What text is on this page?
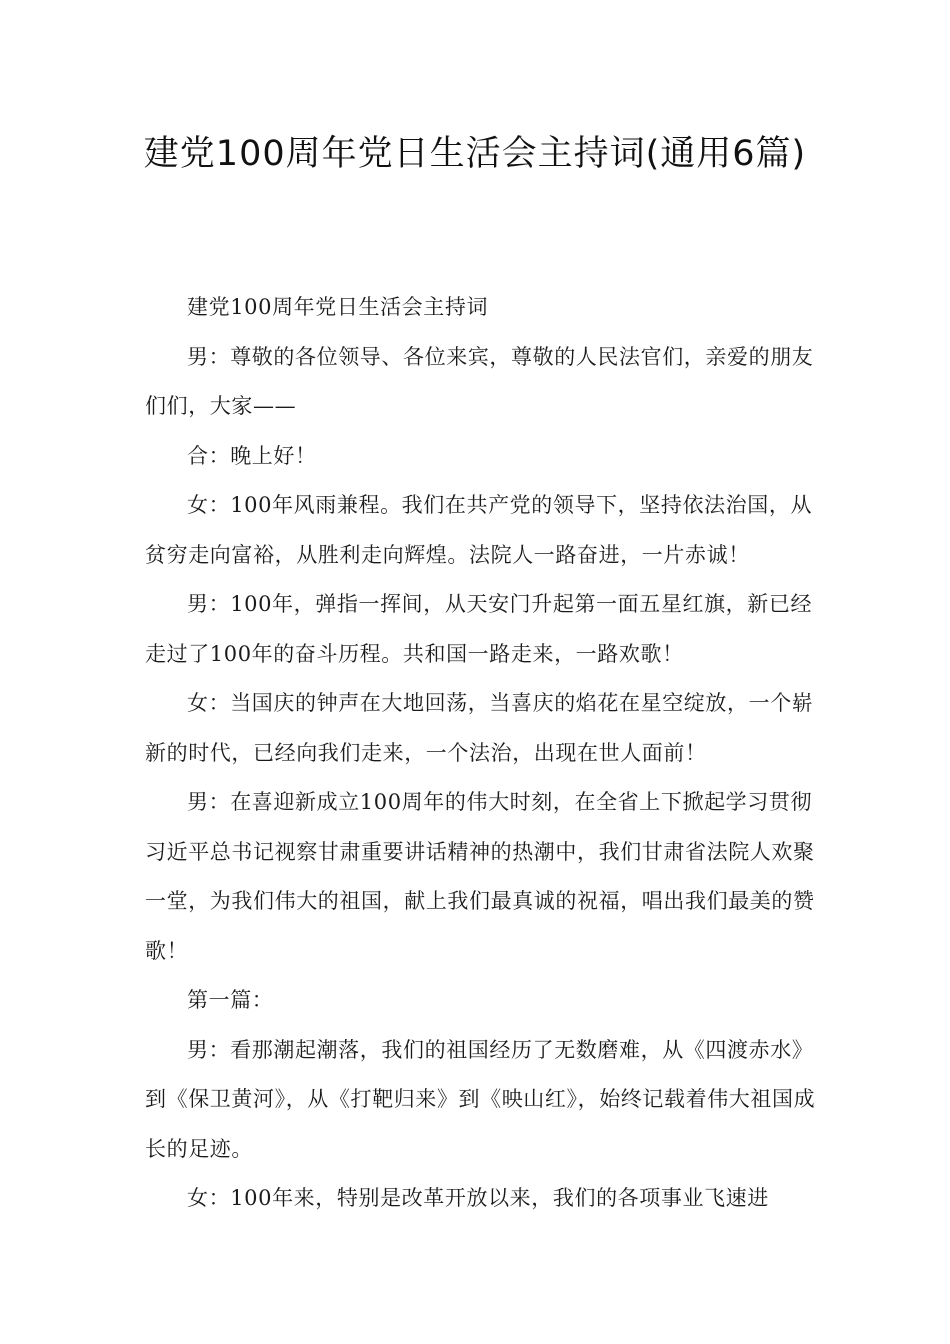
建党100周年党日生活会主持词(通用6篇)

建党100周年党日生活会主持词

男：尊敬的各位领导、各位来宾，尊敬的人民法官们，亲爱的朋友们们，大家——

合：晚上好！

女：100年风雨兼程。我们在共产党的领导下，坚持依法治国，从贫穷走向富裕，从胜利走向辉煌。法院人一路奋进，一片赤诚！

男：100年，弹指一挥间，从天安门升起第一面五星红旗，新已经走过了100年的奋斗历程。共和国一路走来，一路欢歌！

女：当国庆的钟声在大地回荡，当喜庆的焰花在星空绽放，一个崭新的时代，已经向我们走来，一个法治，出现在世人面前！

男：在喜迎新成立100周年的伟大时刻，在全省上下掀起学习贯彻习近平总书记视察甘肃重要讲话精神的热潮中，我们甘肃省法院人欢聚一堂，为我们伟大的祖国，献上我们最真诚的祝福，唱出我们最美的赞歌！

第一篇：

男：看那潮起潮落，我们的祖国经历了无数磨难，从《四渡赤水》到《保卫黄河》，从《打靶归来》到《映山红》，始终记载着伟大祖国成长的足迹。

女：100年来，特别是改革开放以来，我们的各项事业飞速进
